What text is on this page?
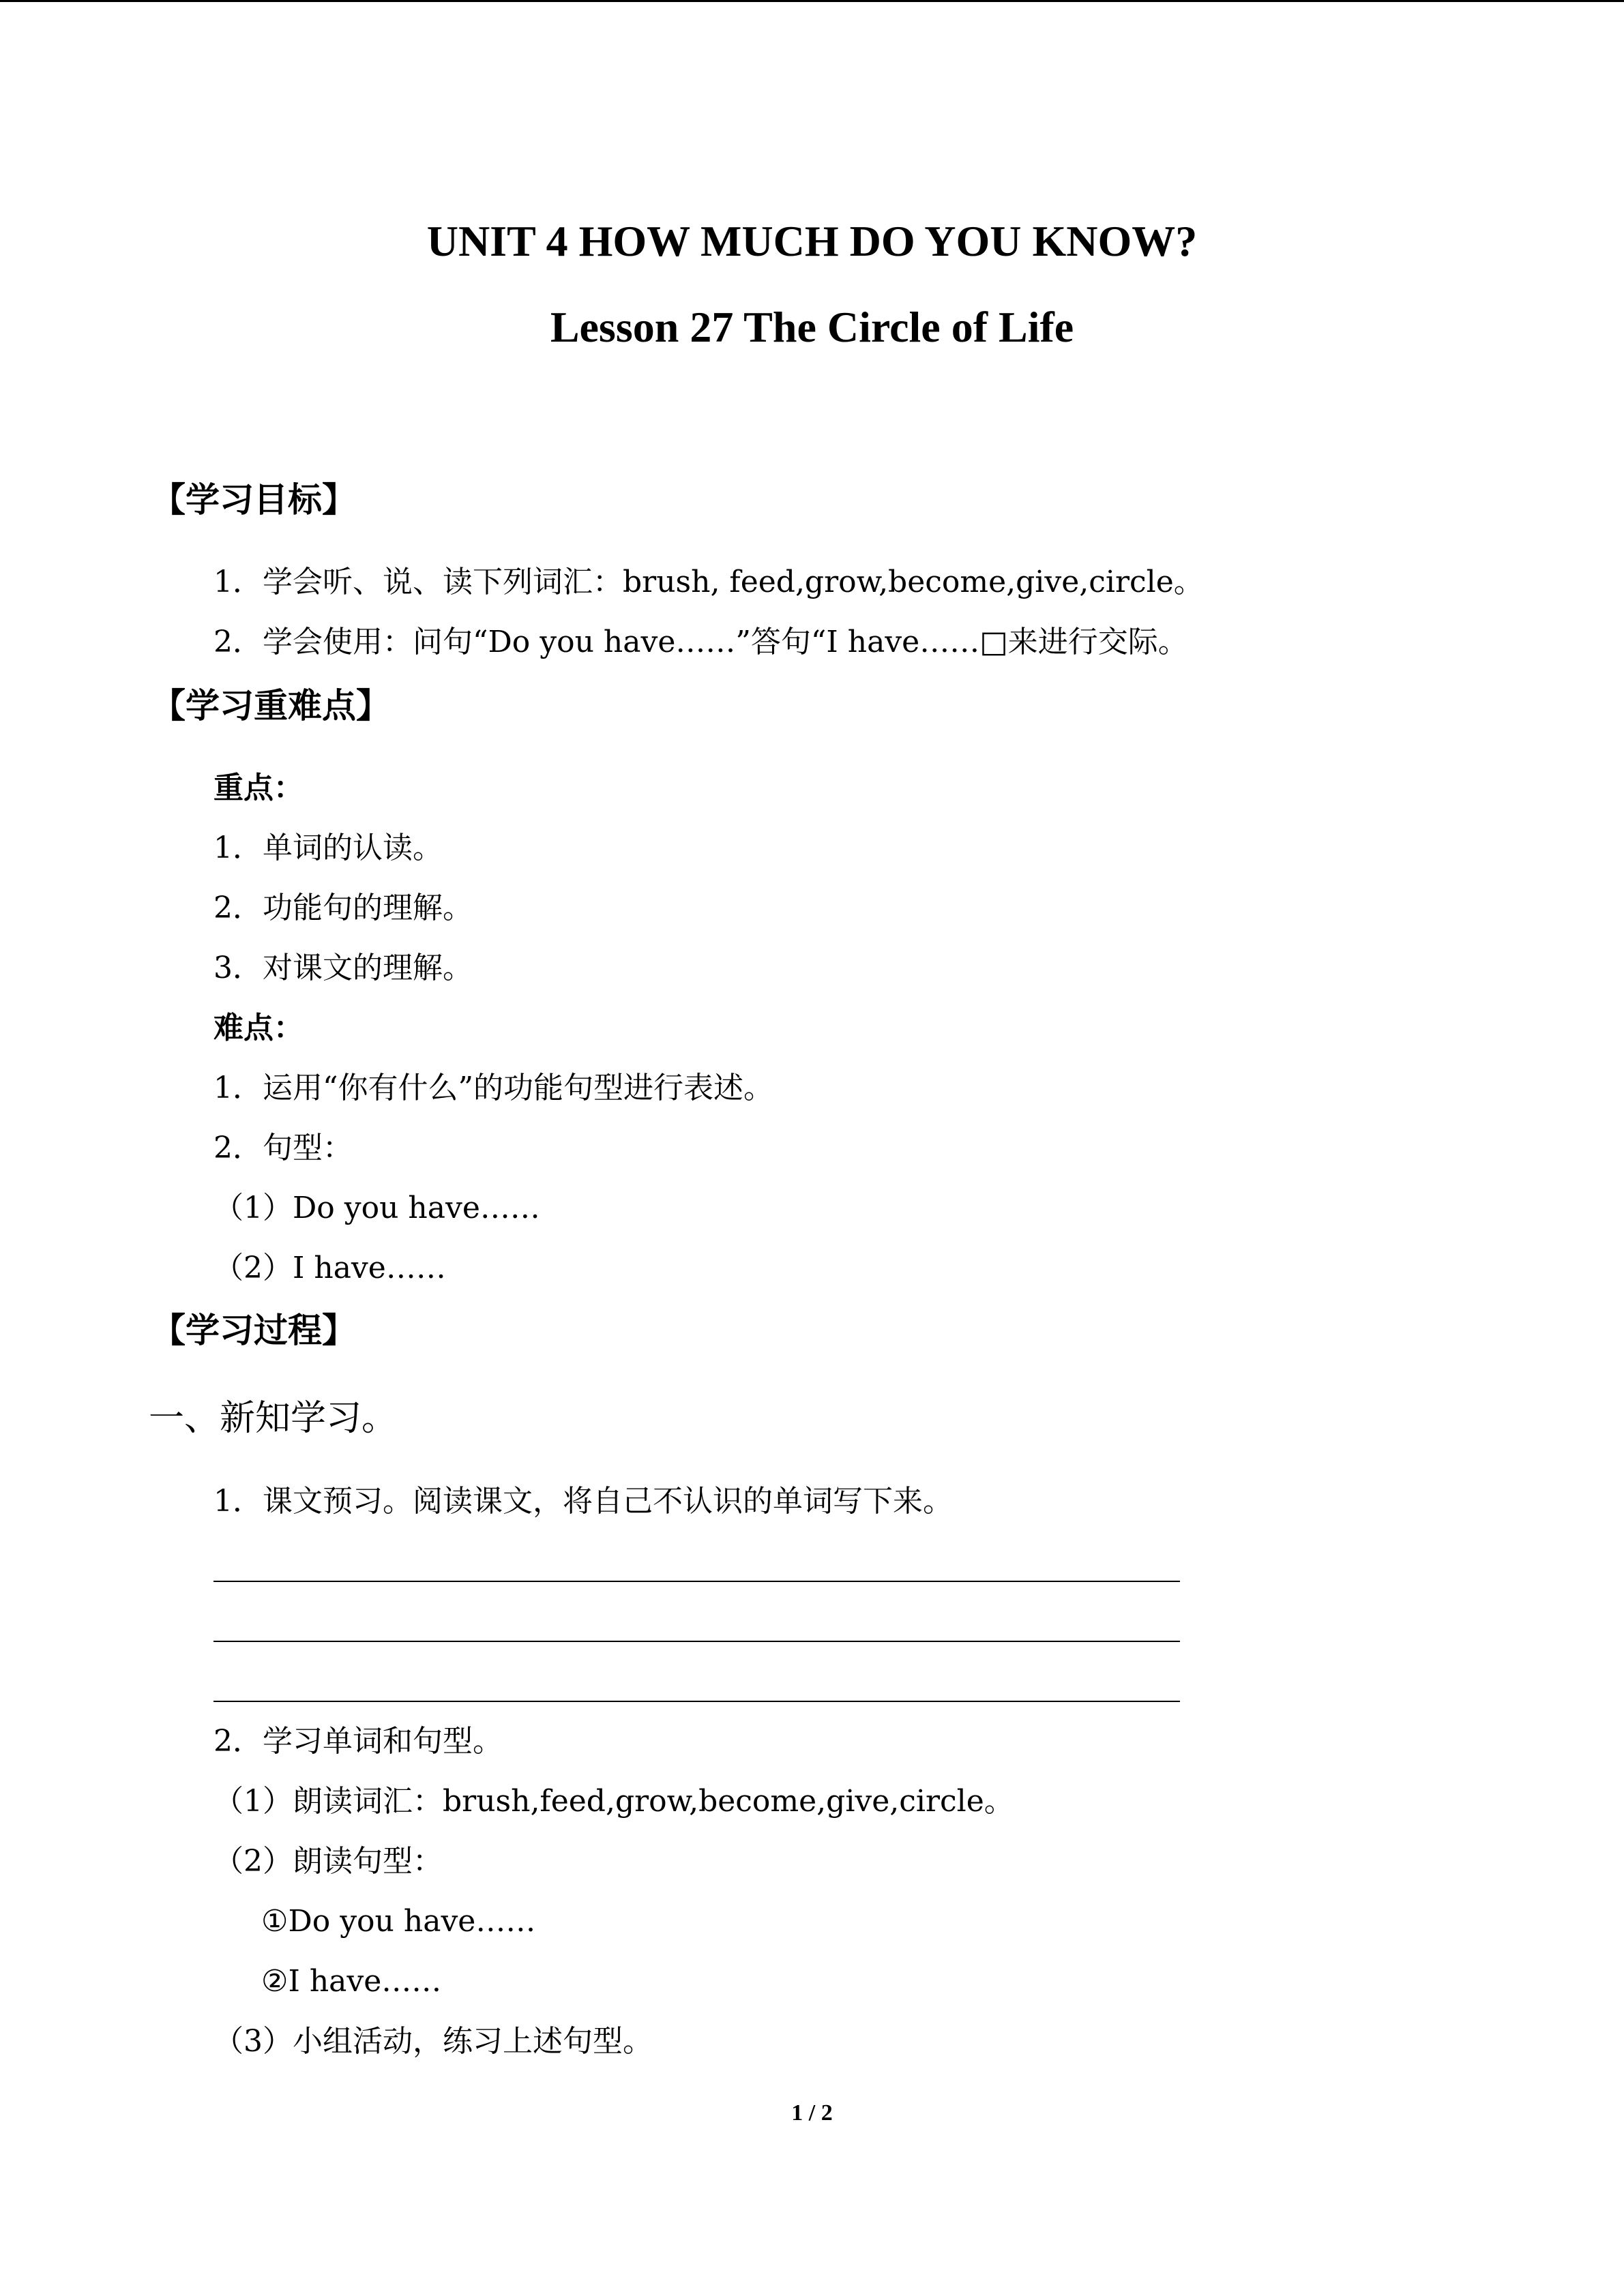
UNIT 4 HOW MUCH DO YOU KNOW?
Lesson 27 The Circle of Life
【学习目标】
1．学会听、说、读下列词汇：brush, feed,grow,become,give,circle。
2．学会使用：问句“Do you have……”答句“I have……□来进行交际。
【学习重难点】
重点：
1．单词的认读。
2．功能句的理解。
3．对课文的理解。
难点：
1．运用“你有什么”的功能句型进行表述。
2．句型：
（1）Do you have……
（2）I have……
【学习过程】
一、新知学习。
1．课文预习。阅读课文，将自己不认识的单词写下来。
2．学习单词和句型。
（1）朗读词汇：brush,feed,grow,become,give,circle。
（2）朗读句型：
①Do you have……
②I have……
（3）小组活动，练习上述句型。
1 / 2
